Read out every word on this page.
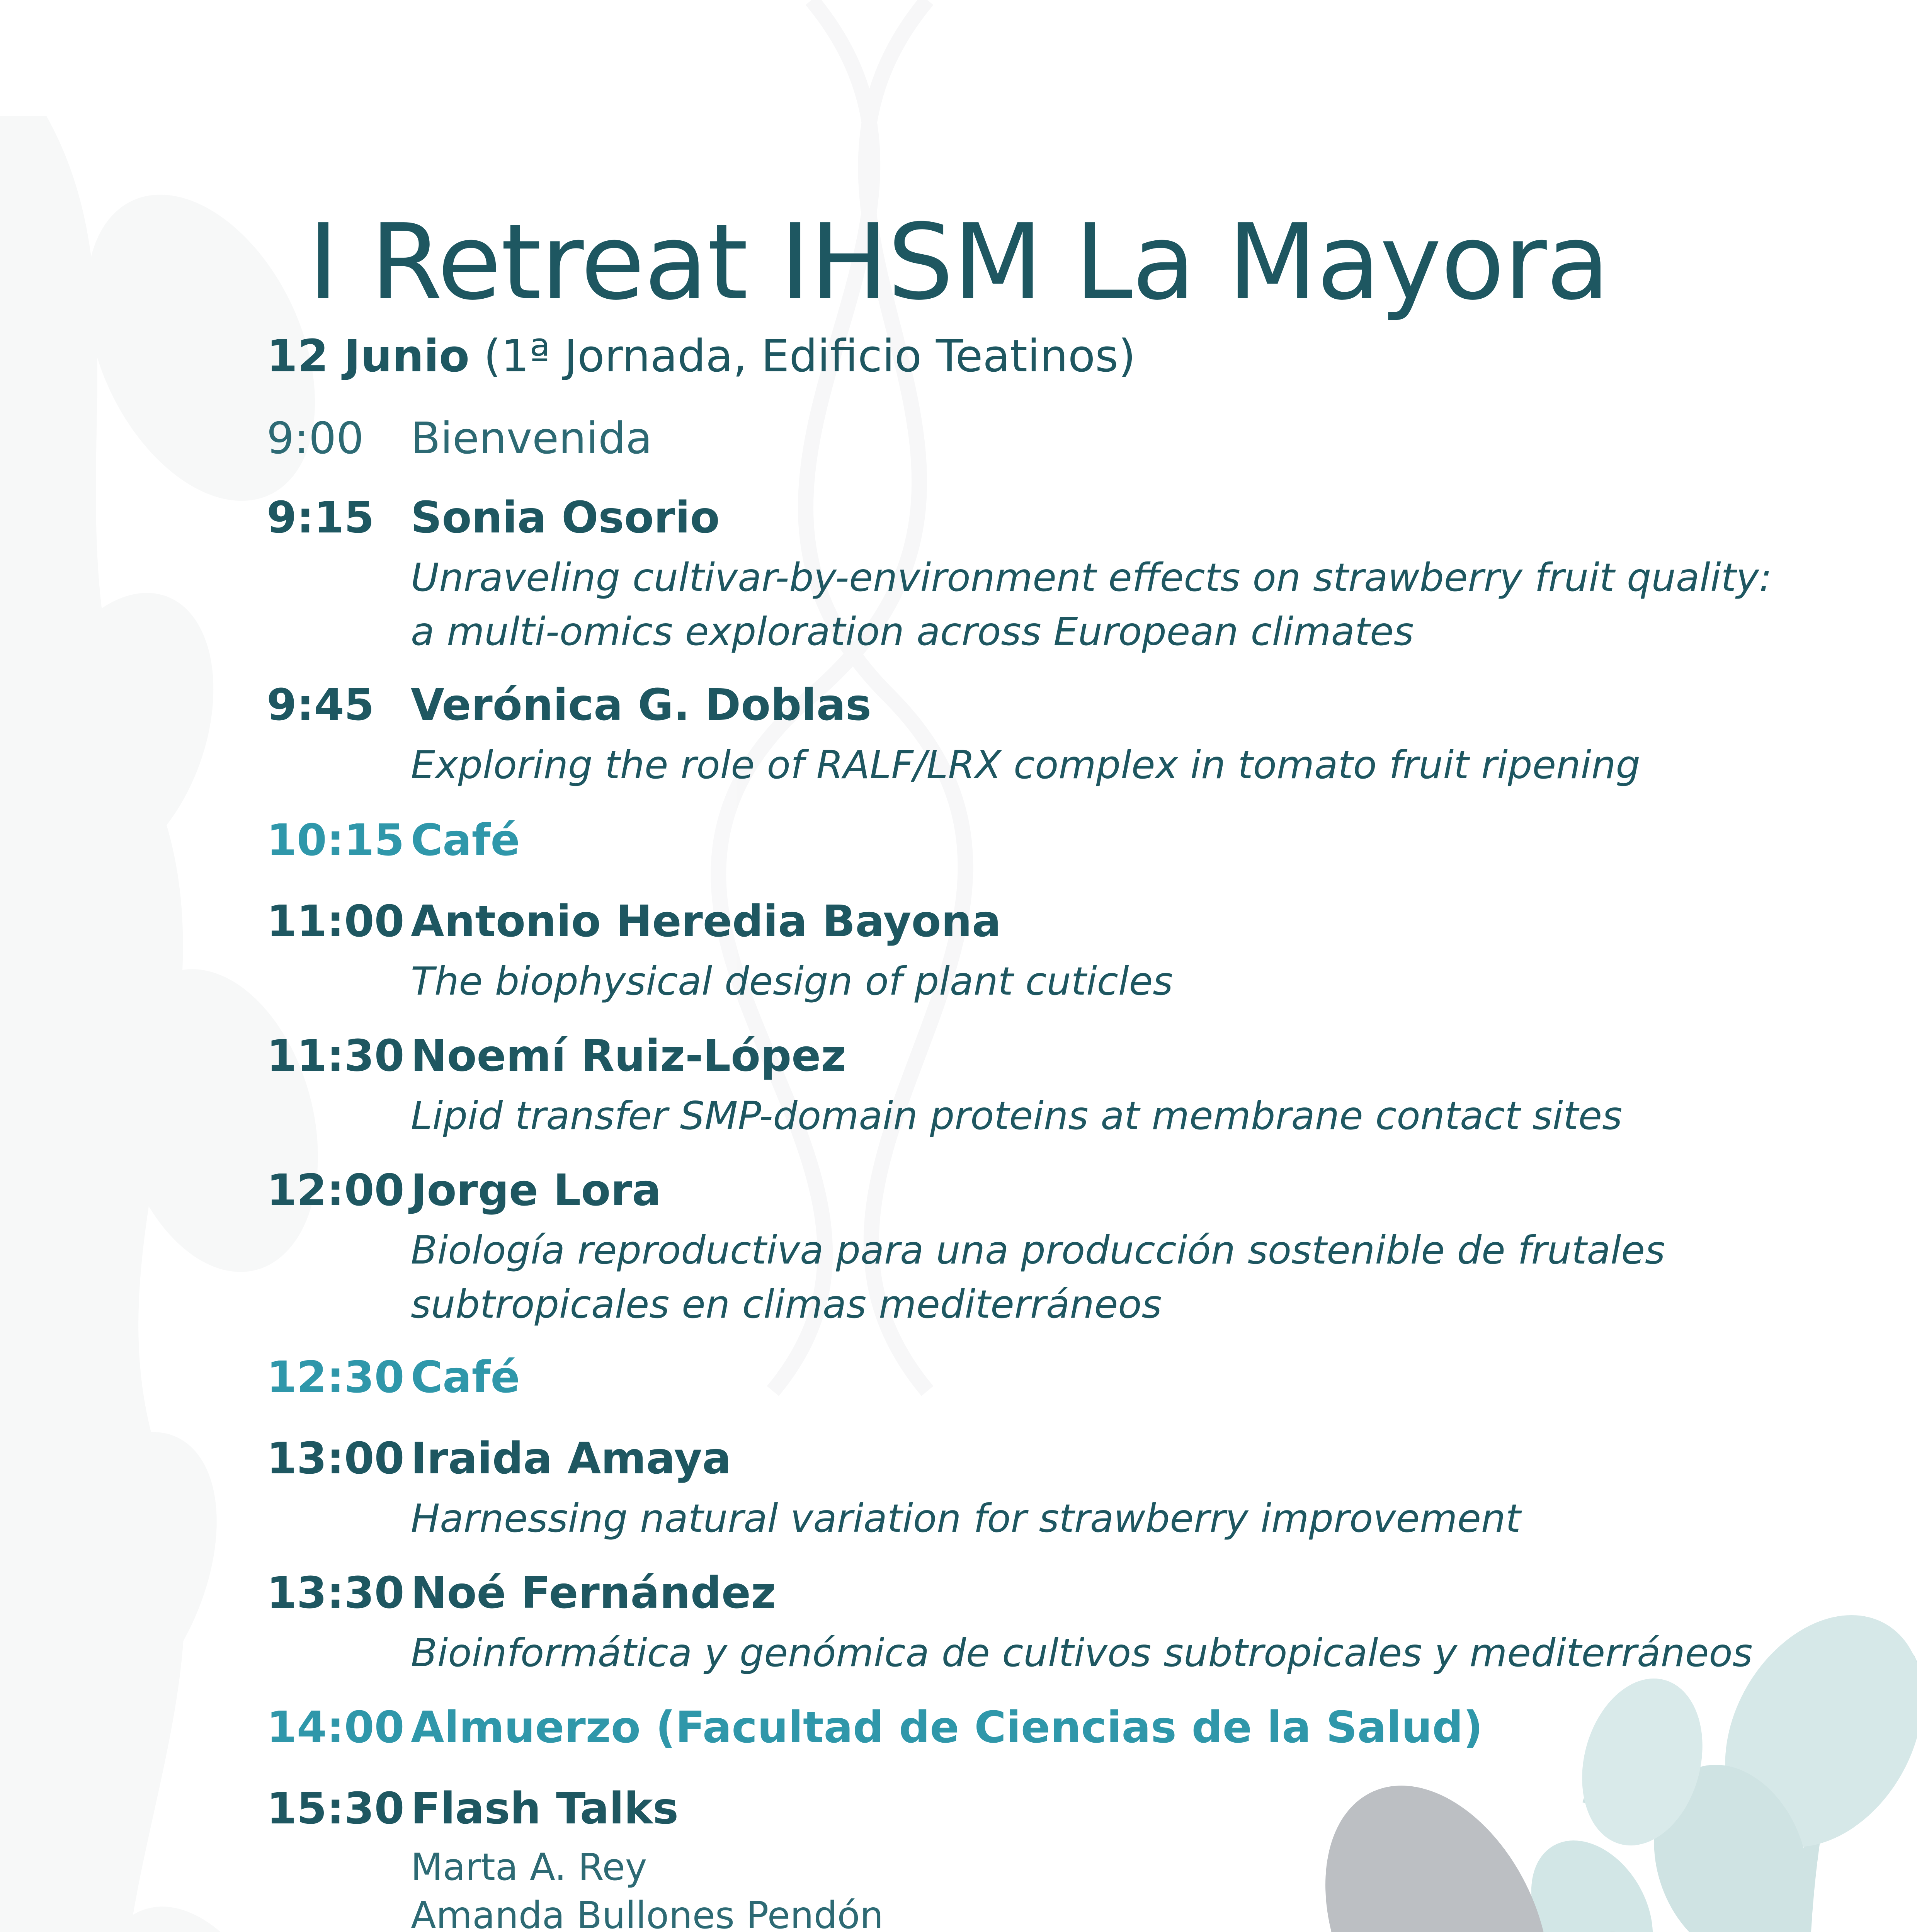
I Retreat IHSM La Mayora
12 Junio (1ª Jornada, Edificio Teatinos)
9:00 Bienvenida
9:15 Sonia Osorio
Unraveling cultivar-by-environment effects on strawberry fruit quality:
a multi-omics exploration across European climates
9:45 Verónica G. Doblas
Exploring the role of RALF/LRX complex in tomato fruit ripening
10:15 Café
11:00 Antonio Heredia Bayona
The biophysical design of plant cuticles
11:30 Noemí Ruiz-López
Lipid transfer SMP-domain proteins at membrane contact sites
12:00 Jorge Lora
Biología reproductiva para una producción sostenible de frutales
subtropicales en climas mediterráneos
12:30 Café
13:00 Iraida Amaya
Harnessing natural variation for strawberry improvement
13:30 Noé Fernández
Bioinformática y genómica de cultivos subtropicales y mediterráneos
14:00 Almuerzo (Facultad de Ciencias de la Salud)
15:30 Flash Talks
Marta A. Rey
Amanda Bullones Pendón
